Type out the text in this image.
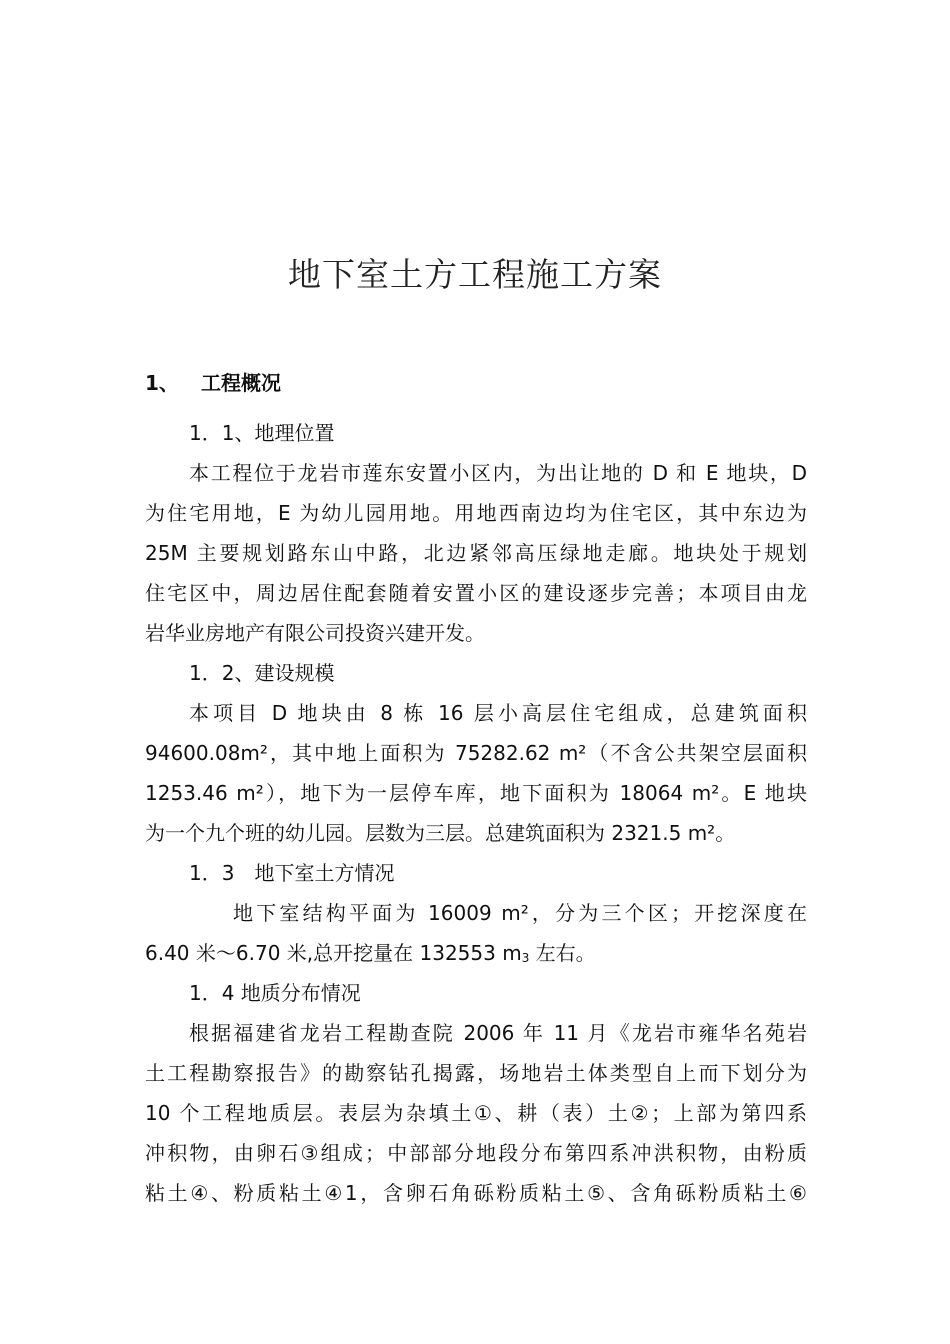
地下室土方工程施工方案
1、 工程概况
1．1、地理位置
本工程位于龙岩市莲东安置小区内，为出让地的 D 和 E 地块，D
为住宅用地，E 为幼儿园用地。用地西南边均为住宅区，其中东边为
25M 主要规划路东山中路，北边紧邻高压绿地走廊。地块处于规划
住宅区中，周边居住配套随着安置小区的建设逐步完善；本项目由龙
岩华业房地产有限公司投资兴建开发。
1．2、建设规模
本项目 D 地块由 8 栋 16 层小高层住宅组成，总建筑面积
94600.08m²，其中地上面积为 75282.62 m²（不含公共架空层面积
1253.46 m²），地下为一层停车库，地下面积为 18064 m²。E 地块
为一个九个班的幼儿园。层数为三层。总建筑面积为 2321.5 m²。
1．3　地下室土方情况
地下室结构平面为 16009 m²，分为三个区；开挖深度在
6.40 米～6.70 米,总开挖量在 132553 $m_3$ 左右。
1．4 地质分布情况
根据福建省龙岩工程勘查院 2006 年 11 月《龙岩市雍华名苑岩
土工程勘察报告》的勘察钻孔揭露，场地岩土体类型自上而下划分为
10 个工程地质层。表层为杂填土①、耕（表）土②；上部为第四系
冲积物，由卵石③组成；中部部分地段分布第四系冲洪积物，由粉质
粘土④、粉质粘土④1，含卵石角砾粉质粘土⑤、含角砾粉质粘土⑥
